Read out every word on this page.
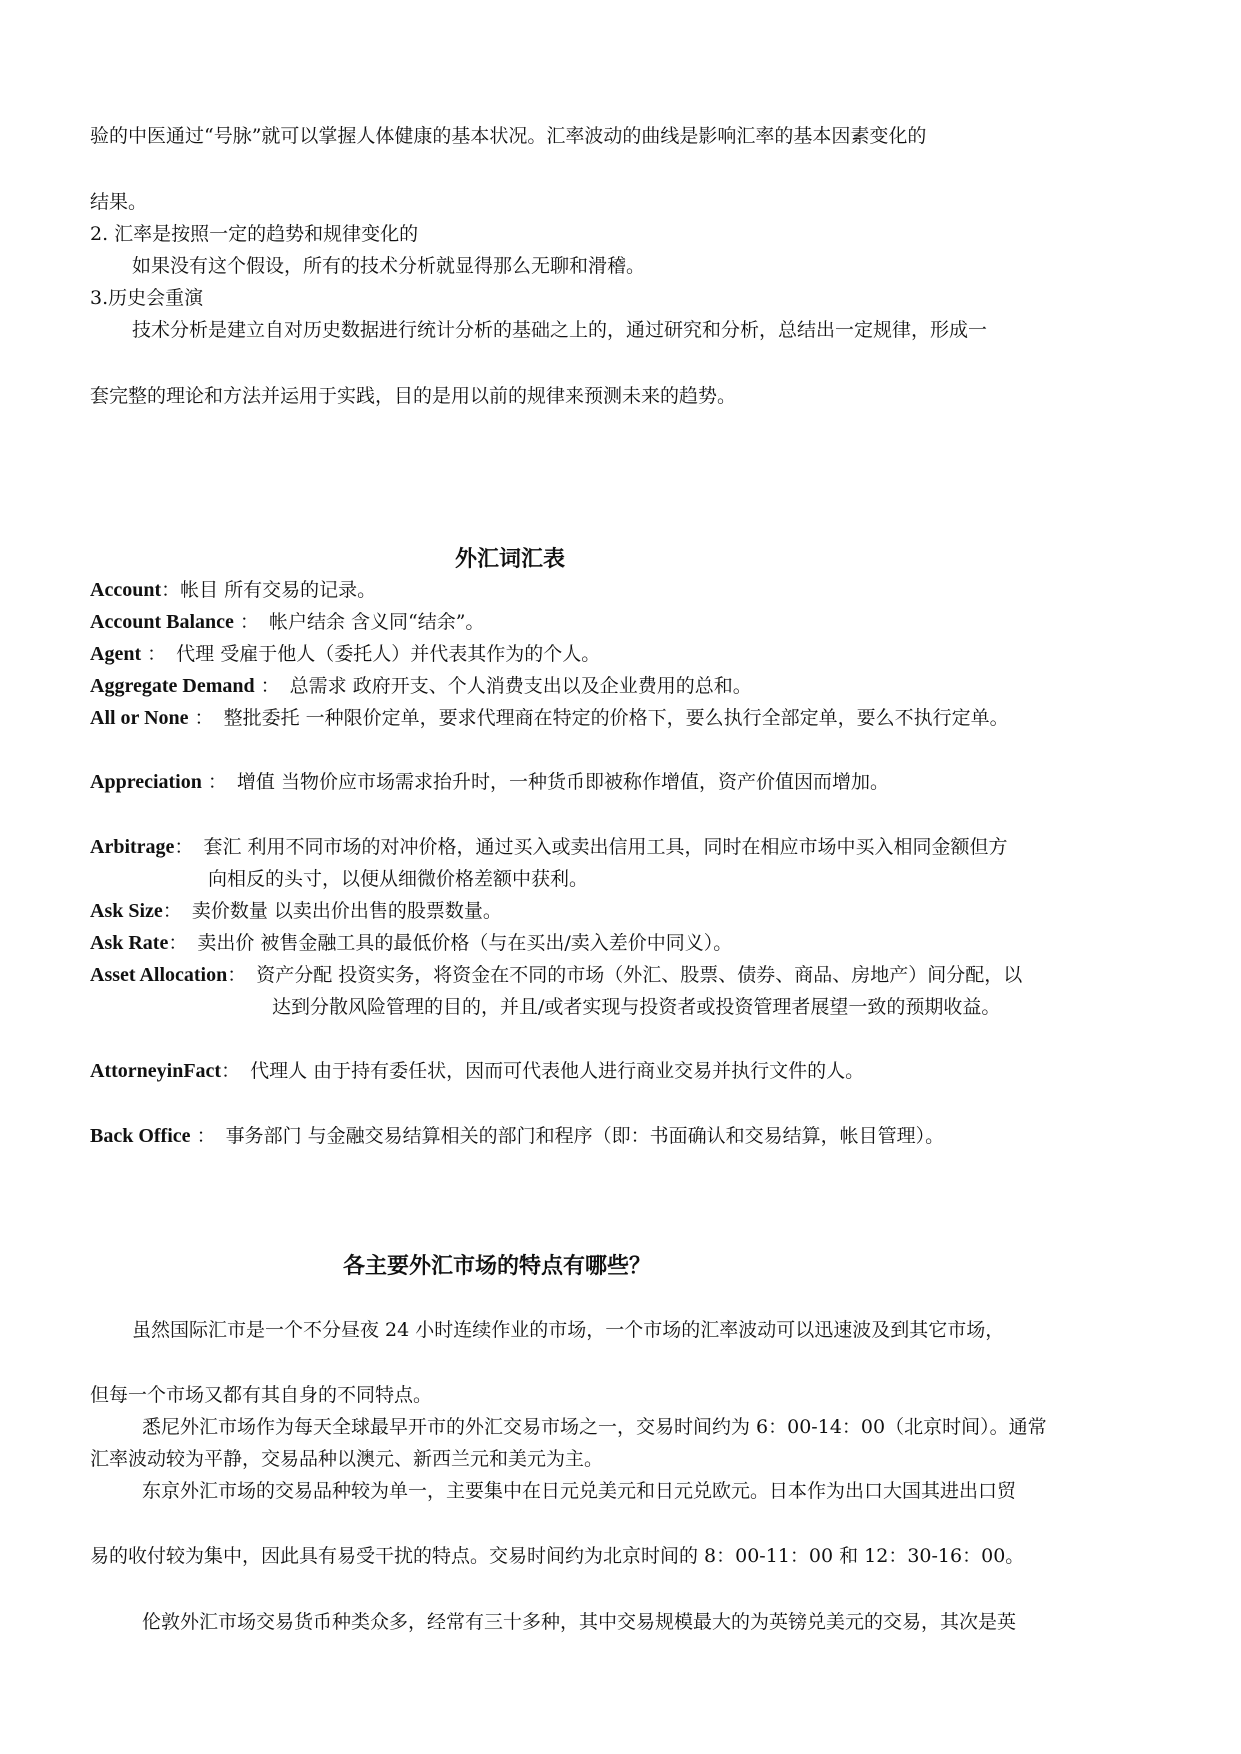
验的中医通过“号脉”就可以掌握人体健康的基本状况。汇率波动的曲线是影响汇率的基本因素变化的
结果。
2. 汇率是按照一定的趋势和规律变化的
如果没有这个假设，所有的技术分析就显得那么无聊和滑稽。
3.历史会重演
技术分析是建立自对历史数据进行统计分析的基础之上的，通过研究和分析，总结出一定规律，形成一
套完整的理论和方法并运用于实践，目的是用以前的规律来预测未来的趋势。
外汇词汇表
Account：帐目 所有交易的记录。
Account Balance ： 帐户结余 含义同“结余”。
Agent ： 代理 受雇于他人（委托人）并代表其作为的个人。
Aggregate Demand ： 总需求 政府开支、个人消费支出以及企业费用的总和。
All or None ： 整批委托 一种限价定单，要求代理商在特定的价格下，要么执行全部定单，要么不执行定单。
Appreciation ： 增值 当物价应市场需求抬升时，一种货币即被称作增值，资产价值因而增加。
Arbitrage： 套汇 利用不同市场的对冲价格，通过买入或卖出信用工具，同时在相应市场中买入相同金额但方
向相反的头寸，以便从细微价格差额中获利。
Ask Size： 卖价数量 以卖出价出售的股票数量。
Ask Rate： 卖出价 被售金融工具的最低价格（与在买出/卖入差价中同义）。
Asset Allocation： 资产分配 投资实务，将资金在不同的市场（外汇、股票、债券、商品、房地产）间分配，以
达到分散风险管理的目的，并且/或者实现与投资者或投资管理者展望一致的预期收益。
AttorneyinFact： 代理人 由于持有委任状，因而可代表他人进行商业交易并执行文件的人。
Back Office ： 事务部门 与金融交易结算相关的部门和程序（即：书面确认和交易结算，帐目管理）。
各主要外汇市场的特点有哪些？
虽然国际汇市是一个不分昼夜 24 小时连续作业的市场，一个市场的汇率波动可以迅速波及到其它市场，
但每一个市场又都有其自身的不同特点。
悉尼外汇市场作为每天全球最早开市的外汇交易市场之一，交易时间约为 6：00-14：00（北京时间）。通常
汇率波动较为平静，交易品种以澳元、新西兰元和美元为主。
东京外汇市场的交易品种较为单一，主要集中在日元兑美元和日元兑欧元。日本作为出口大国其进出口贸
易的收付较为集中，因此具有易受干扰的特点。交易时间约为北京时间的 8：00-11：00 和 12：30-16：00。
伦敦外汇市场交易货币种类众多，经常有三十多种，其中交易规模最大的为英镑兑美元的交易，其次是英
